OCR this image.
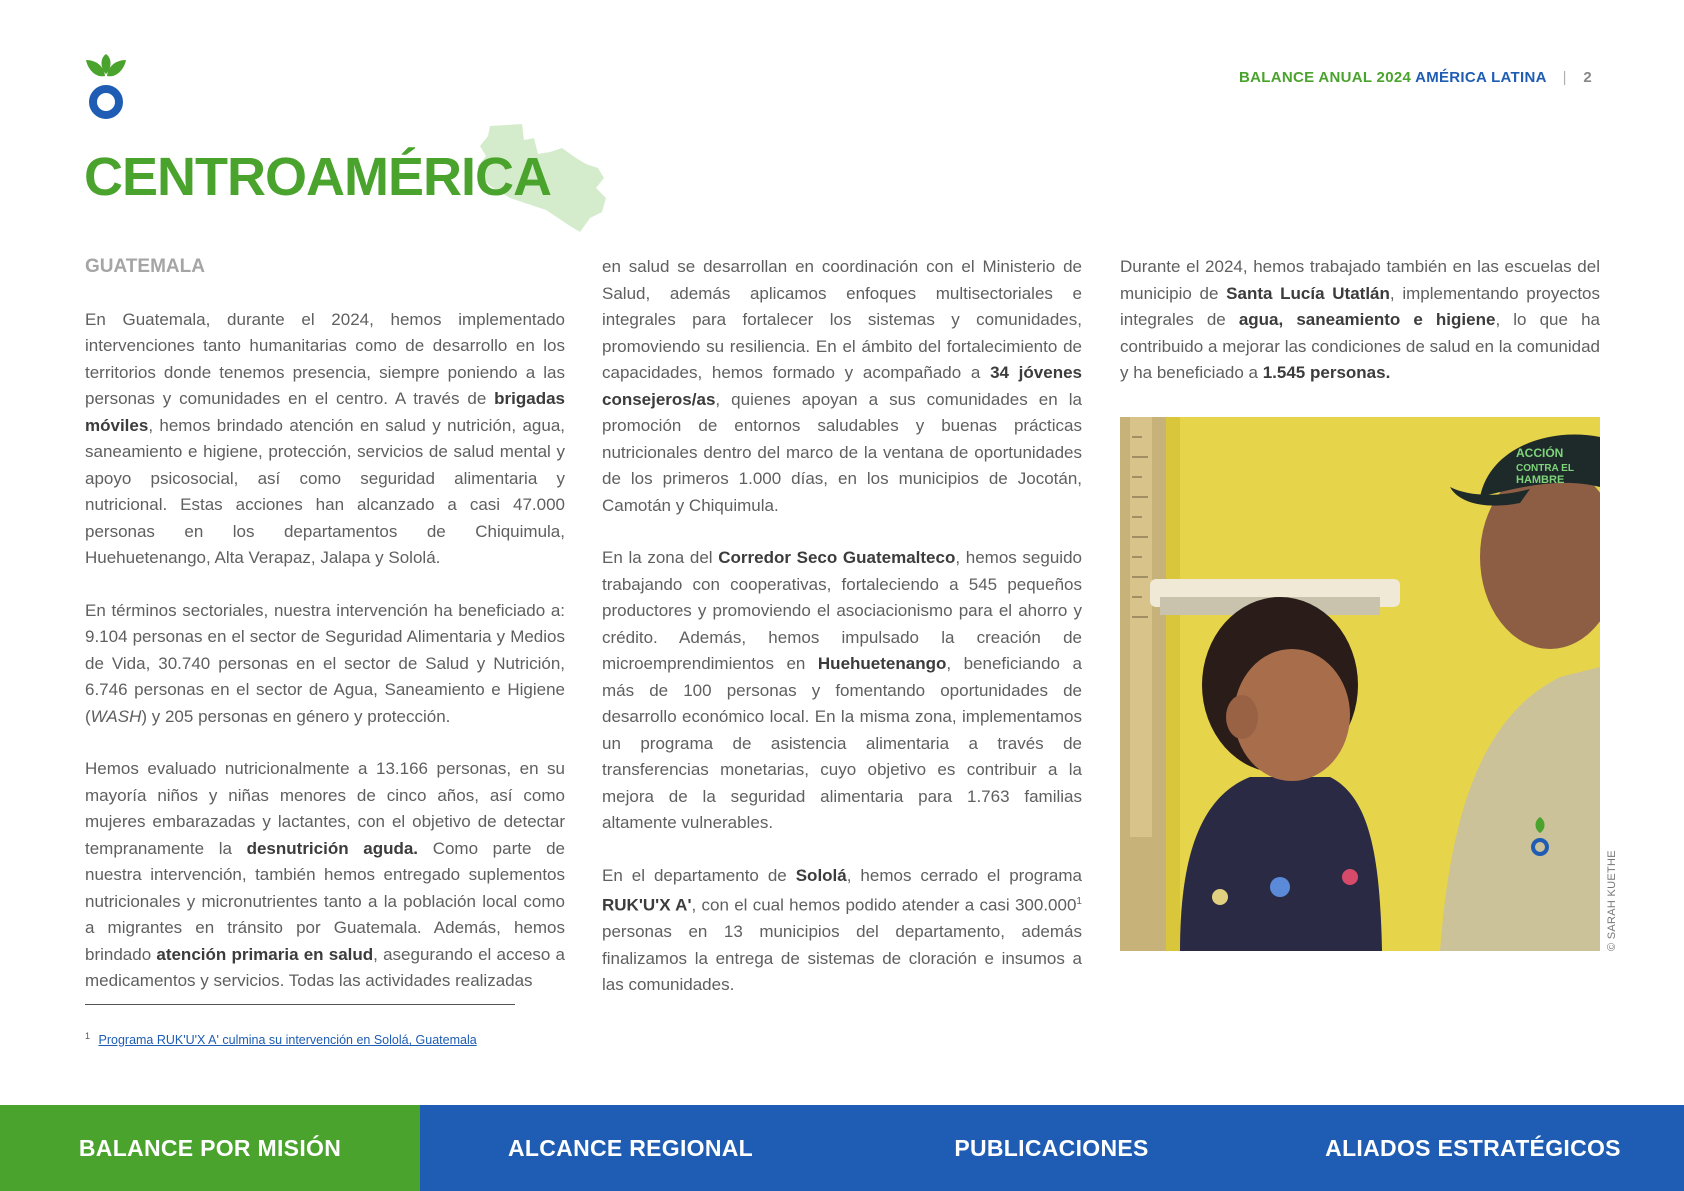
BALANCE ANUAL 2024 AMÉRICA LATINA | 2
CENTROAMÉRICA
GUATEMALA

En Guatemala, durante el 2024, hemos implementado intervenciones tanto humanitarias como de desarrollo en los territorios donde tenemos presencia, siempre poniendo a las personas y comunidades en el centro. A través de brigadas móviles, hemos brindado atención en salud y nutrición, agua, saneamiento e higiene, protección, servicios de salud mental y apoyo psicosocial, así como seguridad alimentaria y nutricional. Estas acciones han alcanzado a casi 47.000 personas en los departamentos de Chiquimula, Huehuetenango, Alta Verapaz, Jalapa y Sololá.

En términos sectoriales, nuestra intervención ha beneficiado a: 9.104 personas en el sector de Seguridad Alimentaria y Medios de Vida, 30.740 personas en el sector de Salud y Nutrición, 6.746 personas en el sector de Agua, Saneamiento e Higiene (WASH) y 205 personas en género y protección.

Hemos evaluado nutricionalmente a 13.166 personas, en su mayoría niños y niñas menores de cinco años, así como mujeres embarazadas y lactantes, con el objetivo de detectar tempranamente la desnutrición aguda. Como parte de nuestra intervención, también hemos entregado suplementos nutricionales y micronutrientes tanto a la población local como a migrantes en tránsito por Guatemala. Además, hemos brindado atención primaria en salud, asegurando el acceso a medicamentos y servicios. Todas las actividades realizadas

en salud se desarrollan en coordinación con el Ministerio de Salud, además aplicamos enfoques multisectoriales e integrales para fortalecer los sistemas y comunidades, promoviendo su resiliencia. En el ámbito del fortalecimiento de capacidades, hemos formado y acompañado a 34 jóvenes consejeros/as, quienes apoyan a sus comunidades en la promoción de entornos saludables y buenas prácticas nutricionales dentro del marco de la ventana de oportunidades de los primeros 1.000 días, en los municipios de Jocotán, Camotán y Chiquimula.

En la zona del Corredor Seco Guatemalteco, hemos seguido trabajando con cooperativas, fortaleciendo a 545 pequeños productores y promoviendo el asociacionismo para el ahorro y crédito. Además, hemos impulsado la creación de microemprendimientos en Huehuetenango, beneficiando a más de 100 personas y fomentando oportunidades de desarrollo económico local. En la misma zona, implementamos un programa de asistencia alimentaria a través de transferencias monetarias, cuyo objetivo es contribuir a la mejora de la seguridad alimentaria para 1.763 familias altamente vulnerables.

En el departamento de Sololá, hemos cerrado el programa RUK'U'X A', con el cual hemos podido atender a casi 300.000$^1$ personas en 13 municipios del departamento, además finalizamos la entrega de sistemas de cloración e insumos a las comunidades.

Durante el 2024, hemos trabajado también en las escuelas del municipio de Santa Lucía Utatlán, implementando proyectos integrales de agua, saneamiento e higiene, lo que ha contribuido a mejorar las condiciones de salud en la comunidad y ha beneficiado a 1.545 personas.

ACCIÓN
CONTRA EL
HAMBRE
© SARAH KUETHE
$^1$ Programa RUK'U'X A' culmina su intervención en Sololá, Guatemala
BALANCE POR MISIÓN	ALCANCE REGIONAL	PUBLICACIONES	ALIADOS ESTRATÉGICOS
